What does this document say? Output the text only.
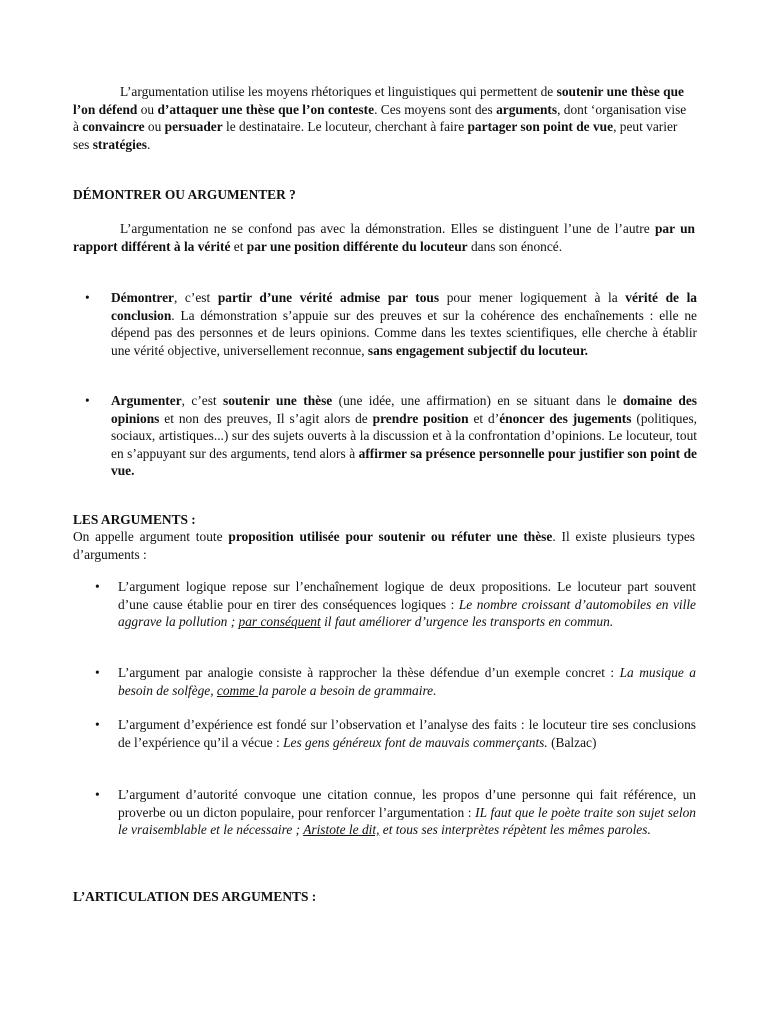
L’argumentation utilise les moyens rhétoriques et linguistiques qui permettent de soutenir une thèse que l’on défend ou d’attaquer une thèse que l’on conteste. Ces moyens sont des arguments, dont ‘organisation vise à convaincre ou persuader le destinataire. Le locuteur, cherchant à faire partager son point de vue, peut varier ses stratégies.

DÉMONTRER OU ARGUMENTER ?

L’argumentation ne se confond pas avec la démonstration. Elles se distinguent l’une de l’autre par un rapport différent à la vérité et par une position différente du locuteur dans son énoncé.

•	Démontrer, c’est partir d’une vérité admise par tous pour mener logiquement à la vérité de la conclusion. La démonstration s’appuie sur des preuves et sur la cohérence des enchaînements : elle ne dépend pas des personnes et de leurs opinions. Comme dans les textes scientifiques, elle cherche à établir une vérité objective, universellement reconnue, sans engagement subjectif du locuteur.

•	Argumenter, c’est soutenir une thèse (une idée, une affirmation) en se situant dans le domaine des opinions et non des preuves, Il s’agit alors de prendre position et d’énoncer des jugements (politiques, sociaux, artistiques...) sur des sujets ouverts à la discussion et à la confrontation d’opinions. Le locuteur, tout en s’appuyant sur des arguments, tend alors à affirmer sa présence personnelle pour justifier son point de vue.

LES ARGUMENTS :

On appelle argument toute proposition utilisée pour soutenir ou réfuter une thèse. Il existe plusieurs types d’arguments :

•	L’argument logique repose sur l’enchaînement logique de deux propositions. Le locuteur part souvent d’une cause établie pour en tirer des conséquences logiques : Le nombre croissant d’automobiles en ville aggrave la pollution ; par conséquent il faut améliorer d’urgence les transports en commun.

•	L’argument par analogie consiste à rapprocher la thèse défendue d’un exemple concret : La musique a besoin de solfège, comme la parole a besoin de grammaire.

•	L’argument d’expérience est fondé sur l’observation et l’analyse des faits : le locuteur tire ses conclusions de l’expérience qu’il a vécue : Les gens généreux font de mauvais commerçants. (Balzac)

•	L’argument d’autorité convoque une citation connue, les propos d’une personne qui fait référence, un proverbe ou un dicton populaire, pour renforcer l’argumentation : IL faut que le poète traite son sujet selon le vraisemblable et le nécessaire ; Aristote le dit, et tous ses interprètes répètent les mêmes paroles.

L’ARTICULATION DES ARGUMENTS :
